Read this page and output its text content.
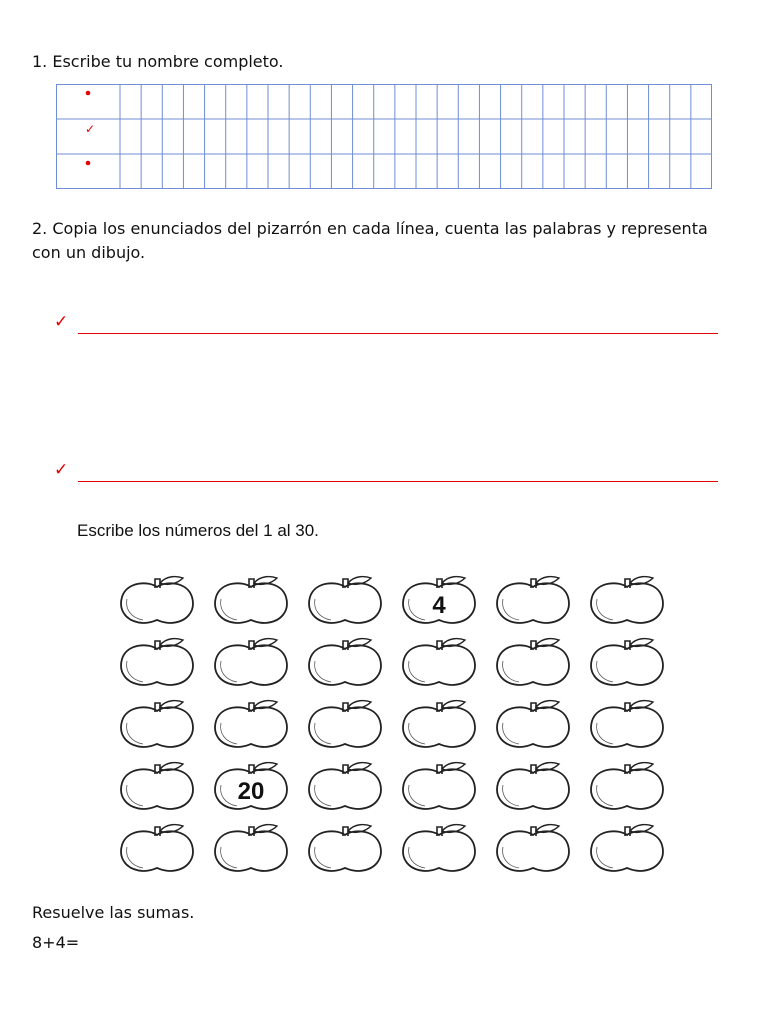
1. Escribe tu nombre completo.
✓
2. Copia los enunciados del pizarrón en cada línea, cuenta las palabras y representa con un dibujo.
✓
✓
Escribe los números del 1 al 30.
4
20
Resuelve las sumas.
8+4=
